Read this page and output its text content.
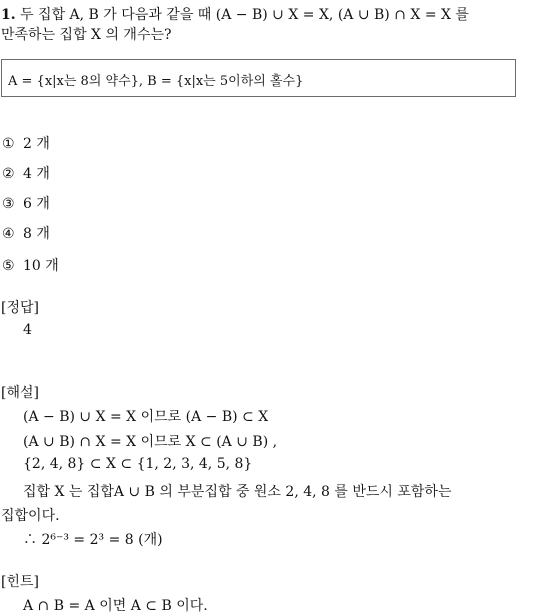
1. 두 집합 A, B 가 다음과 같을 때 (A − B) ∪ X = X, (A ∪ B) ∩ X = X 를
만족하는 집합 X 의 개수는?
A = {x|x는 8의 약수}, B = {x|x는 5이하의 홀수}
① 2 개
② 4 개
③ 6 개
④ 8 개
⑤ 10 개
[정답]
4
[해설]
(A − B) ∪ X = X 이므로 (A − B) ⊂ X
(A ∪ B) ∩ X = X 이므로 X ⊂ (A ∪ B) ,
{2, 4, 8} ⊂ X ⊂ {1, 2, 3, 4, 5, 8}
집합 X 는 집합A ∪ B 의 부분집합 중 원소 2, 4, 8 를 반드시 포함하는
집합이다.
∴ 2⁶⁻³ = 2³ = 8 (개)
[힌트]
A ∩ B = A 이면 A ⊂ B 이다.
